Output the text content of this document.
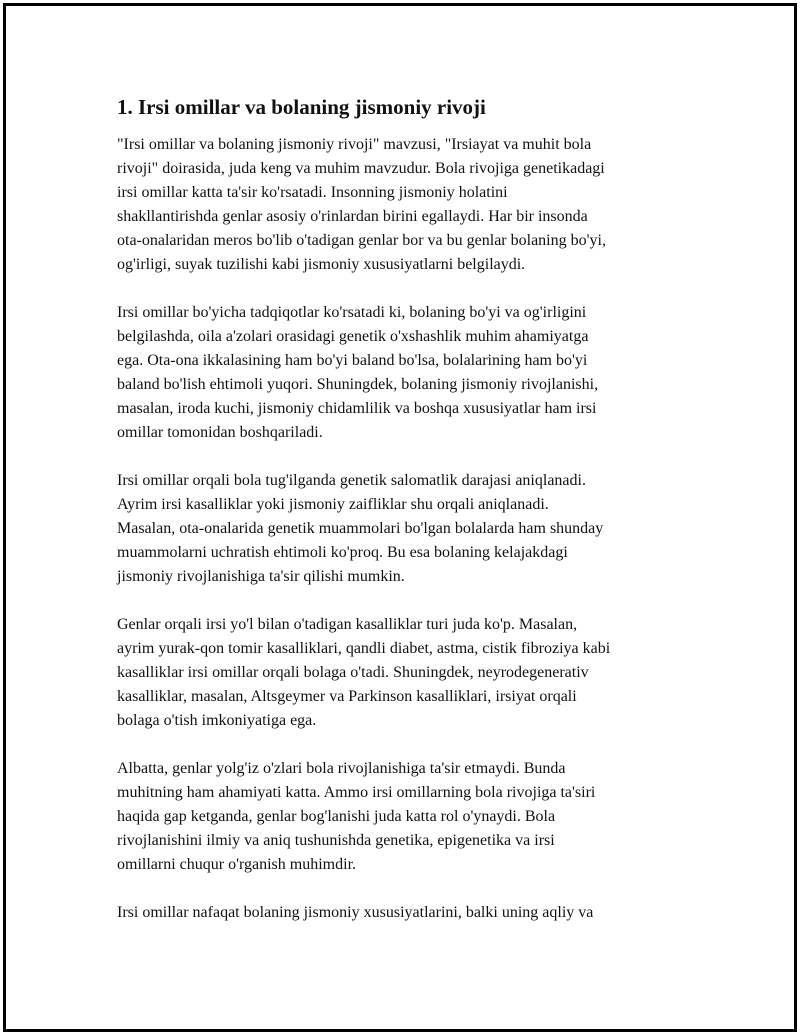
1. Irsi omillar va bolaning jismoniy rivoji

"Irsi omillar va bolaning jismoniy rivoji" mavzusi, "Irsiayat va muhit bola
rivoji" doirasida, juda keng va muhim mavzudur. Bola rivojiga genetikadagi
irsi omillar katta ta'sir ko'rsatadi. Insonning jismoniy holatini
shakllantirishda genlar asosiy o'rinlardan birini egallaydi. Har bir insonda
ota-onalaridan meros bo'lib o'tadigan genlar bor va bu genlar bolaning bo'yi,
og'irligi, suyak tuzilishi kabi jismoniy xususiyatlarni belgilaydi.

Irsi omillar bo'yicha tadqiqotlar ko'rsatadi ki, bolaning bo'yi va og'irligini
belgilashda, oila a'zolari orasidagi genetik o'xshashlik muhim ahamiyatga
ega. Ota-ona ikkalasining ham bo'yi baland bo'lsa, bolalarining ham bo'yi
baland bo'lish ehtimoli yuqori. Shuningdek, bolaning jismoniy rivojlanishi,
masalan, iroda kuchi, jismoniy chidamlilik va boshqa xususiyatlar ham irsi
omillar tomonidan boshqariladi.

Irsi omillar orqali bola tug'ilganda genetik salomatlik darajasi aniqlanadi.
Ayrim irsi kasalliklar yoki jismoniy zaifliklar shu orqali aniqlanadi.
Masalan, ota-onalarida genetik muammolari bo'lgan bolalarda ham shunday
muammolarni uchratish ehtimoli ko'proq. Bu esa bolaning kelajakdagi
jismoniy rivojlanishiga ta'sir qilishi mumkin.

Genlar orqali irsi yo'l bilan o'tadigan kasalliklar turi juda ko'p. Masalan,
ayrim yurak-qon tomir kasalliklari, qandli diabet, astma, cistik fibroziya kabi
kasalliklar irsi omillar orqali bolaga o'tadi. Shuningdek, neyrodegenerativ
kasalliklar, masalan, Altsgeymer va Parkinson kasalliklari, irsiyat orqali
bolaga o'tish imkoniyatiga ega.

Albatta, genlar yolg'iz o'zlari bola rivojlanishiga ta'sir etmaydi. Bunda
muhitning ham ahamiyati katta. Ammo irsi omillarning bola rivojiga ta'siri
haqida gap ketganda, genlar bog'lanishi juda katta rol o'ynaydi. Bola
rivojlanishini ilmiy va aniq tushunishda genetika, epigenetika va irsi
omillarni chuqur o'rganish muhimdir.

Irsi omillar nafaqat bolaning jismoniy xususiyatlarini, balki uning aqliy va
